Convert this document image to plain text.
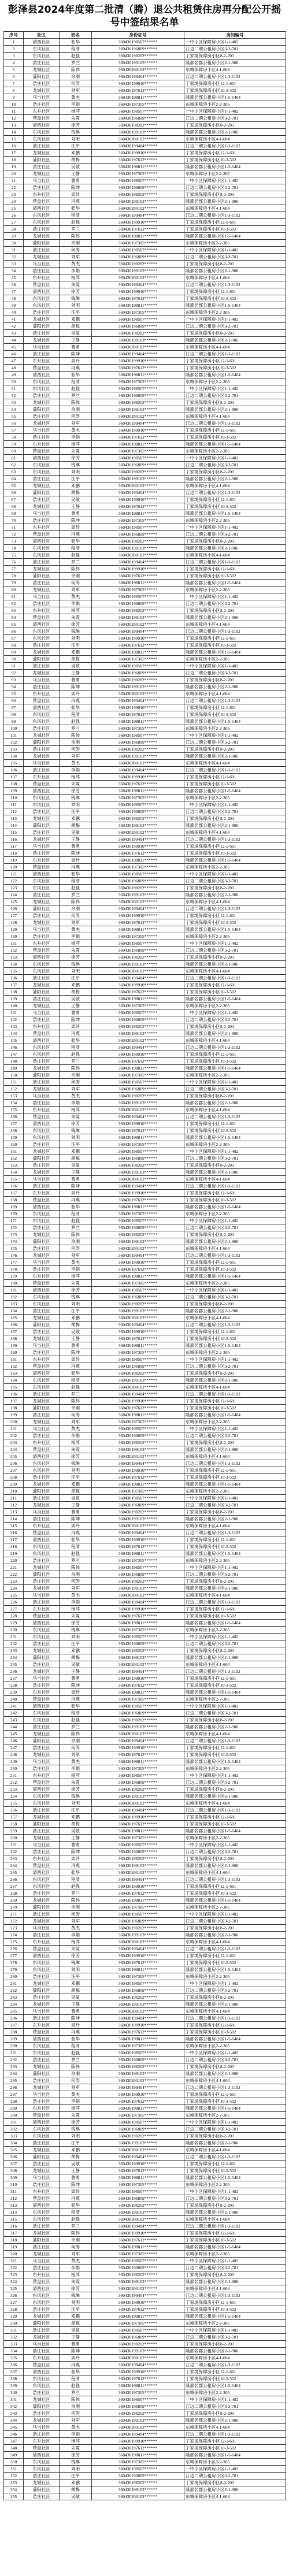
彭泽县2024年度第二批清（腾）退公共租赁住房再分配公开摇号中签结果名单
序号	社区	姓名	身份证号	房间编号
1	清西社区	张华	360430198507******	一中小区保障房小区1-1-402
2	东风社区	程清	360430196809******	江边二期公租房小区3-2-701
3	东风社区	赵强	360430198202******	丁家垅保障房小区8-2-203
4	浩庄社区	罗兰	360430199103******	隆都名郡公租房小区2-1-906
5	龙城社区	陈伟	360430200102******	东城保障房小区4-1-604
6	蒲阳社区	余刚	360430199404******	江边二期公租房小区1-3-1102
7	浩庄社区	何涛	360430199910******	丁家垅保障房小区12-1-601
8	龙城社区	刘军	360430197612******	丁家垅保障房小区10-3-502
9	马当社区	黄杰	360430198811******	隆都名郡公租房小区1-5-1404
10	浩庄社区	李娟	360430197305******	东城保障房小区2-2-305
11	东升社区	杨萍	360430198507******	一中小区保障房小区1-1-402
12	营盘社区	朱霞	360430196809******	江边二期公租房小区3-2-701
13	清西社区	徐芳	360430198202******	丁家垅保障房小区8-2-203
14	东风社区	钱琳	360430199103******	隆都名郡公租房小区2-1-906
15	东风社区	刘明	360430200102******	东城保障房小区4-1-604
16	浩庄社区	汪平	360430199404******	江边二期公租房小区1-3-1102
17	龙城社区	邓鹏	360430199910******	丁家垅保障房小区12-1-601
18	蒲阳社区	胡梅	360430197612******	丁家垅保障房小区10-3-502
19	浩庄社区	吴敏	360430198811******	隆都名郡公租房小区1-5-1404
20	龙城社区	王静	360430197305******	东城保障房小区2-2-305
21	马当社区	曹勇	360430198507******	一中小区保障房小区1-1-402
22	浩庄社区	陈坤	360430196809******	江边二期公租房小区3-2-701
23	东升社区	周玲	360430198202******	丁家垅保障房小区8-2-203
24	营盘社区	冯燕	360430199103******	隆都名郡公租房小区2-1-906
25	清西社区	张华	360430200102******	东城保障房小区4-1-604
26	东风社区	程清	360430199404******	江边二期公租房小区1-3-1102
27	东风社区	赵强	360430199910******	丁家垅保障房小区12-1-601
28	浩庄社区	罗兰	360430197612******	丁家垅保障房小区10-3-502
29	龙城社区	陈伟	360430198811******	隆都名郡公租房小区1-5-1404
30	蒲阳社区	余刚	360430197305******	东城保障房小区2-2-305
31	浩庄社区	何涛	360430198507******	一中小区保障房小区1-1-402
32	龙城社区	刘军	360430196809******	江边二期公租房小区3-2-701
33	马当社区	黄杰	360430198202******	丁家垅保障房小区8-2-203
34	浩庄社区	李娟	360430199103******	隆都名郡公租房小区2-1-906
35	东升社区	杨萍	360430200102******	东城保障房小区4-1-604
36	营盘社区	朱霞	360430199404******	江边二期公租房小区1-3-1102
37	清西社区	徐芳	360430199910******	丁家垅保障房小区12-1-601
38	东风社区	钱琳	360430197612******	丁家垅保障房小区10-3-502
39	东风社区	刘明	360430198811******	隆都名郡公租房小区1-5-1404
40	浩庄社区	汪平	360430197305******	东城保障房小区2-2-305
41	龙城社区	邓鹏	360430198507******	一中小区保障房小区1-1-402
42	蒲阳社区	胡梅	360430196809******	江边二期公租房小区3-2-701
43	浩庄社区	吴敏	360430198202******	丁家垅保障房小区8-2-203
44	龙城社区	王静	360430199103******	隆都名郡公租房小区2-1-906
45	马当社区	曹勇	360430200102******	东城保障房小区4-1-604
46	浩庄社区	陈坤	360430199404******	江边二期公租房小区1-3-1102
47	东升社区	周玲	360430199910******	丁家垅保障房小区12-1-601
48	营盘社区	冯燕	360430197612******	丁家垅保障房小区10-3-502
49	清西社区	张华	360430198811******	隆都名郡公租房小区1-5-1404
50	东风社区	程清	360430197305******	东城保障房小区2-2-305
51	东风社区	赵强	360430198507******	一中小区保障房小区1-1-402
52	浩庄社区	罗兰	360430196809******	江边二期公租房小区3-2-701
53	龙城社区	陈伟	360430198202******	丁家垅保障房小区8-2-203
54	蒲阳社区	余刚	360430199103******	隆都名郡公租房小区2-1-906
55	浩庄社区	何涛	360430200102******	东城保障房小区4-1-604
56	龙城社区	刘军	360430199404******	江边二期公租房小区1-3-1102
57	马当社区	黄杰	360430199910******	丁家垅保障房小区12-1-601
58	浩庄社区	李娟	360430197612******	丁家垅保障房小区10-3-502
59	东升社区	杨萍	360430198811******	隆都名郡公租房小区1-5-1404
60	营盘社区	朱霞	360430197305******	东城保障房小区2-2-305
61	清西社区	徐芳	360430198507******	一中小区保障房小区1-1-402
62	东风社区	钱琳	360430196809******	江边二期公租房小区3-2-701
63	东风社区	刘明	360430198202******	丁家垅保障房小区8-2-203
64	浩庄社区	汪平	360430199103******	隆都名郡公租房小区2-1-906
65	龙城社区	邓鹏	360430200102******	东城保障房小区4-1-604
66	蒲阳社区	胡梅	360430199404******	江边二期公租房小区1-3-1102
67	浩庄社区	吴敏	360430199910******	丁家垅保障房小区12-1-601
68	龙城社区	王静	360430197612******	丁家垅保障房小区10-3-502
69	马当社区	曹勇	360430198811******	隆都名郡公租房小区1-5-1404
70	浩庄社区	陈坤	360430197305******	东城保障房小区2-2-305
71	东升社区	周玲	360430198507******	一中小区保障房小区1-1-402
72	营盘社区	冯燕	360430196809******	江边二期公租房小区3-2-701
73	清西社区	张华	360430198202******	丁家垅保障房小区8-2-203
74	东风社区	程清	360430199103******	隆都名郡公租房小区2-1-906
75	东风社区	赵强	360430200102******	东城保障房小区4-1-604
76	浩庄社区	罗兰	360430199404******	江边二期公租房小区1-3-1102
77	龙城社区	陈伟	360430199910******	丁家垅保障房小区12-1-601
78	蒲阳社区	余刚	360430197612******	丁家垅保障房小区10-3-502
79	浩庄社区	何涛	360430198811******	隆都名郡公租房小区1-5-1404
80	龙城社区	刘军	360430197305******	东城保障房小区2-2-305
81	马当社区	黄杰	360430198507******	一中小区保障房小区1-1-402
82	浩庄社区	李娟	360430196809******	江边二期公租房小区3-2-701
83	东升社区	杨萍	360430198202******	丁家垅保障房小区8-2-203
84	营盘社区	朱霞	360430199103******	隆都名郡公租房小区2-1-906
85	清西社区	徐芳	360430200102******	东城保障房小区4-1-604
86	东风社区	钱琳	360430199404******	江边二期公租房小区1-3-1102
87	东风社区	刘明	360430199910******	丁家垅保障房小区12-1-601
88	浩庄社区	汪平	360430197612******	丁家垅保障房小区10-3-502
89	龙城社区	邓鹏	360430198811******	隆都名郡公租房小区1-5-1404
90	蒲阳社区	胡梅	360430197305******	东城保障房小区2-2-305
91	浩庄社区	吴敏	360430198507******	一中小区保障房小区1-1-402
92	龙城社区	王静	360430196809******	江边二期公租房小区3-2-701
93	马当社区	曹勇	360430198202******	丁家垅保障房小区8-2-203
94	浩庄社区	陈坤	360430199103******	隆都名郡公租房小区2-1-906
95	东升社区	周玲	360430200102******	东城保障房小区4-1-604
96	营盘社区	冯燕	360430199404******	江边二期公租房小区1-3-1102
97	清西社区	张华	360430199910******	丁家垅保障房小区12-1-601
98	东风社区	程清	360430197612******	丁家垅保障房小区10-3-502
99	东风社区	赵强	360430198811******	隆都名郡公租房小区1-5-1404
100	浩庄社区	罗兰	360430197305******	东城保障房小区2-2-305
101	龙城社区	陈伟	360430198507******	一中小区保障房小区1-1-402
102	蒲阳社区	余刚	360430196809******	江边二期公租房小区3-2-701
103	浩庄社区	何涛	360430198202******	丁家垅保障房小区8-2-203
104	龙城社区	刘军	360430199103******	隆都名郡公租房小区2-1-906
105	马当社区	黄杰	360430200102******	东城保障房小区4-1-604
106	浩庄社区	李娟	360430199404******	江边二期公租房小区1-3-1102
107	东升社区	杨萍	360430199910******	丁家垅保障房小区12-1-601
108	营盘社区	朱霞	360430197612******	丁家垅保障房小区10-3-502
109	清西社区	徐芳	360430198811******	隆都名郡公租房小区1-5-1404
110	东风社区	钱琳	360430197305******	东城保障房小区2-2-305
111	东风社区	刘明	360430198507******	一中小区保障房小区1-1-402
112	浩庄社区	汪平	360430196809******	江边二期公租房小区3-2-701
113	龙城社区	邓鹏	360430198202******	丁家垅保障房小区8-2-203
114	蒲阳社区	胡梅	360430199103******	隆都名郡公租房小区2-1-906
115	浩庄社区	吴敏	360430200102******	东城保障房小区4-1-604
116	龙城社区	王静	360430199404******	江边二期公租房小区1-3-1102
117	马当社区	曹勇	360430199910******	丁家垅保障房小区12-1-601
118	浩庄社区	陈坤	360430197612******	丁家垅保障房小区10-3-502
119	东升社区	周玲	360430198811******	隆都名郡公租房小区1-5-1404
120	营盘社区	冯燕	360430197305******	东城保障房小区2-2-305
121	清西社区	张华	360430198507******	一中小区保障房小区1-1-402
122	东风社区	程清	360430196809******	江边二期公租房小区3-2-701
123	东风社区	赵强	360430198202******	丁家垅保障房小区8-2-203
124	浩庄社区	罗兰	360430199103******	隆都名郡公租房小区2-1-906
125	龙城社区	陈伟	360430200102******	东城保障房小区4-1-604
126	蒲阳社区	余刚	360430199404******	江边二期公租房小区1-3-1102
127	浩庄社区	何涛	360430199910******	丁家垅保障房小区12-1-601
128	龙城社区	刘军	360430197612******	丁家垅保障房小区10-3-502
129	马当社区	黄杰	360430198811******	隆都名郡公租房小区1-5-1404
130	浩庄社区	李娟	360430197305******	东城保障房小区2-2-305
131	东升社区	杨萍	360430198507******	一中小区保障房小区1-1-402
132	营盘社区	朱霞	360430196809******	江边二期公租房小区3-2-701
133	清西社区	徐芳	360430198202******	丁家垅保障房小区8-2-203
134	东风社区	钱琳	360430199103******	隆都名郡公租房小区2-1-906
135	东风社区	刘明	360430200102******	东城保障房小区4-1-604
136	浩庄社区	汪平	360430199404******	江边二期公租房小区1-3-1102
137	龙城社区	邓鹏	360430199910******	丁家垅保障房小区12-1-601
138	蒲阳社区	胡梅	360430197612******	丁家垅保障房小区10-3-502
139	浩庄社区	吴敏	360430198811******	隆都名郡公租房小区1-5-1404
140	龙城社区	王静	360430197305******	东城保障房小区2-2-305
141	马当社区	曹勇	360430198507******	一中小区保障房小区1-1-402
142	浩庄社区	陈坤	360430196809******	江边二期公租房小区3-2-701
143	东升社区	周玲	360430198202******	丁家垅保障房小区8-2-203
144	营盘社区	冯燕	360430199103******	隆都名郡公租房小区2-1-906
145	清西社区	张华	360430200102******	东城保障房小区4-1-604
146	东风社区	程清	360430199404******	江边二期公租房小区1-3-1102
147	东风社区	赵强	360430199910******	丁家垅保障房小区12-1-601
148	浩庄社区	罗兰	360430197612******	丁家垅保障房小区10-3-502
149	龙城社区	陈伟	360430198811******	隆都名郡公租房小区1-5-1404
150	蒲阳社区	余刚	360430197305******	东城保障房小区2-2-305
151	浩庄社区	何涛	360430198507******	一中小区保障房小区1-1-402
152	龙城社区	刘军	360430196809******	江边二期公租房小区3-2-701
153	马当社区	黄杰	360430198202******	丁家垅保障房小区8-2-203
154	浩庄社区	李娟	360430199103******	隆都名郡公租房小区2-1-906
155	东升社区	杨萍	360430200102******	东城保障房小区4-1-604
156	营盘社区	朱霞	360430199404******	江边二期公租房小区1-3-1102
157	清西社区	徐芳	360430199910******	丁家垅保障房小区12-1-601
158	东风社区	钱琳	360430197612******	丁家垅保障房小区10-3-502
159	东风社区	刘明	360430198811******	隆都名郡公租房小区1-5-1404
160	浩庄社区	汪平	360430197305******	东城保障房小区2-2-305
161	龙城社区	邓鹏	360430198507******	一中小区保障房小区1-1-402
162	蒲阳社区	胡梅	360430196809******	江边二期公租房小区3-2-701
163	浩庄社区	吴敏	360430198202******	丁家垅保障房小区8-2-203
164	龙城社区	王静	360430199103******	隆都名郡公租房小区2-1-906
165	马当社区	曹勇	360430200102******	东城保障房小区4-1-604
166	浩庄社区	陈坤	360430199404******	江边二期公租房小区1-3-1102
167	东升社区	周玲	360430199910******	丁家垅保障房小区12-1-601
168	营盘社区	冯燕	360430197612******	丁家垅保障房小区10-3-502
169	清西社区	张华	360430198811******	隆都名郡公租房小区1-5-1404
170	东风社区	程清	360430197305******	东城保障房小区2-2-305
171	东风社区	赵强	360430198507******	一中小区保障房小区1-1-402
172	浩庄社区	罗兰	360430196809******	江边二期公租房小区3-2-701
173	龙城社区	陈伟	360430198202******	丁家垅保障房小区8-2-203
174	蒲阳社区	余刚	360430199103******	隆都名郡公租房小区2-1-906
175	浩庄社区	何涛	360430200102******	东城保障房小区4-1-604
176	龙城社区	刘军	360430199404******	江边二期公租房小区1-3-1102
177	马当社区	黄杰	360430199910******	丁家垅保障房小区12-1-601
178	浩庄社区	李娟	360430197612******	丁家垅保障房小区10-3-502
179	东升社区	杨萍	360430198811******	隆都名郡公租房小区1-5-1404
180	营盘社区	朱霞	360430197305******	东城保障房小区2-2-305
181	清西社区	徐芳	360430198507******	一中小区保障房小区1-1-402
182	东风社区	钱琳	360430196809******	江边二期公租房小区3-2-701
183	东风社区	刘明	360430198202******	丁家垅保障房小区8-2-203
184	浩庄社区	汪平	360430199103******	隆都名郡公租房小区2-1-906
185	龙城社区	邓鹏	360430200102******	东城保障房小区4-1-604
186	蒲阳社区	胡梅	360430199404******	江边二期公租房小区1-3-1102
187	浩庄社区	吴敏	360430199910******	丁家垅保障房小区12-1-601
188	龙城社区	王静	360430197612******	丁家垅保障房小区10-3-502
189	马当社区	曹勇	360430198811******	隆都名郡公租房小区1-5-1404
190	浩庄社区	陈坤	360430197305******	东城保障房小区2-2-305
191	东升社区	周玲	360430198507******	一中小区保障房小区1-1-402
192	营盘社区	冯燕	360430196809******	江边二期公租房小区3-2-701
193	清西社区	张华	360430198202******	丁家垅保障房小区8-2-203
194	东风社区	程清	360430199103******	隆都名郡公租房小区2-1-906
195	东风社区	赵强	360430200102******	东城保障房小区4-1-604
196	浩庄社区	罗兰	360430199404******	江边二期公租房小区1-3-1102
197	龙城社区	陈伟	360430199910******	丁家垅保障房小区12-1-601
198	蒲阳社区	余刚	360430197612******	丁家垅保障房小区10-3-502
199	浩庄社区	何涛	360430198811******	隆都名郡公租房小区1-5-1404
200	龙城社区	刘军	360430197305******	东城保障房小区2-2-305
201	马当社区	黄杰	360430198507******	一中小区保障房小区1-1-402
202	浩庄社区	李娟	360430196809******	江边二期公租房小区3-2-701
203	东升社区	杨萍	360430198202******	丁家垅保障房小区8-2-203
204	营盘社区	朱霞	360430199103******	隆都名郡公租房小区2-1-906
205	清西社区	徐芳	360430200102******	东城保障房小区4-1-604
206	东风社区	钱琳	360430199404******	江边二期公租房小区1-3-1102
207	东风社区	刘明	360430199910******	丁家垅保障房小区12-1-601
208	浩庄社区	汪平	360430197612******	丁家垅保障房小区10-3-502
209	龙城社区	邓鹏	360430198811******	隆都名郡公租房小区1-5-1404
210	蒲阳社区	胡梅	360430197305******	东城保障房小区2-2-305
211	浩庄社区	吴敏	360430198507******	一中小区保障房小区1-1-402
212	龙城社区	王静	360430196809******	江边二期公租房小区3-2-701
213	马当社区	曹勇	360430198202******	丁家垅保障房小区8-2-203
214	浩庄社区	陈坤	360430199103******	隆都名郡公租房小区2-1-906
215	东升社区	周玲	360430200102******	东城保障房小区4-1-604
216	营盘社区	冯燕	360430199404******	江边二期公租房小区1-3-1102
217	清西社区	张华	360430199910******	丁家垅保障房小区12-1-601
218	东风社区	程清	360430197612******	丁家垅保障房小区10-3-502
219	东风社区	赵强	360430198811******	隆都名郡公租房小区1-5-1404
220	浩庄社区	罗兰	360430197305******	东城保障房小区2-2-305
221	龙城社区	陈伟	360430198507******	一中小区保障房小区1-1-402
222	蒲阳社区	余刚	360430196809******	江边二期公租房小区3-2-701
223	浩庄社区	何涛	360430198202******	丁家垅保障房小区8-2-203
224	龙城社区	刘军	360430199103******	隆都名郡公租房小区2-1-906
225	马当社区	黄杰	360430200102******	东城保障房小区4-1-604
226	浩庄社区	李娟	360430199404******	江边二期公租房小区1-3-1102
227	东升社区	杨萍	360430199910******	丁家垅保障房小区12-1-601
228	营盘社区	朱霞	360430197612******	丁家垅保障房小区10-3-502
229	清西社区	徐芳	360430198811******	隆都名郡公租房小区1-5-1404
230	东风社区	钱琳	360430197305******	东城保障房小区2-2-305
231	东风社区	刘明	360430198507******	一中小区保障房小区1-1-402
232	浩庄社区	汪平	360430196809******	江边二期公租房小区3-2-701
233	龙城社区	邓鹏	360430198202******	丁家垅保障房小区8-2-203
234	蒲阳社区	胡梅	360430199103******	隆都名郡公租房小区2-1-906
235	浩庄社区	吴敏	360430200102******	东城保障房小区4-1-604
236	龙城社区	王静	360430199404******	江边二期公租房小区1-3-1102
237	马当社区	曹勇	360430199910******	丁家垅保障房小区12-1-601
238	浩庄社区	陈坤	360430197612******	丁家垅保障房小区10-3-502
239	东升社区	周玲	360430198811******	隆都名郡公租房小区1-5-1404
240	营盘社区	冯燕	360430197305******	东城保障房小区2-2-305
241	清西社区	张华	360430198507******	一中小区保障房小区1-1-402
242	东风社区	程清	360430196809******	江边二期公租房小区3-2-701
243	东风社区	赵强	360430198202******	丁家垅保障房小区8-2-203
244	浩庄社区	罗兰	360430199103******	隆都名郡公租房小区2-1-906
245	龙城社区	陈伟	360430200102******	东城保障房小区4-1-604
246	蒲阳社区	余刚	360430199404******	江边二期公租房小区1-3-1102
247	浩庄社区	何涛	360430199910******	丁家垅保障房小区12-1-601
248	龙城社区	刘军	360430197612******	丁家垅保障房小区10-3-502
249	马当社区	黄杰	360430198811******	隆都名郡公租房小区1-5-1404
250	浩庄社区	李娟	360430197305******	东城保障房小区2-2-305
251	东升社区	杨萍	360430198507******	一中小区保障房小区1-1-402
252	营盘社区	朱霞	360430196809******	江边二期公租房小区3-2-701
253	清西社区	徐芳	360430198202******	丁家垅保障房小区8-2-203
254	东风社区	钱琳	360430199103******	隆都名郡公租房小区2-1-906
255	东风社区	刘明	360430200102******	东城保障房小区4-1-604
256	浩庄社区	汪平	360430199404******	江边二期公租房小区1-3-1102
257	龙城社区	邓鹏	360430199910******	丁家垅保障房小区12-1-601
258	蒲阳社区	胡梅	360430197612******	丁家垅保障房小区10-3-502
259	浩庄社区	吴敏	360430198811******	隆都名郡公租房小区1-5-1404
260	龙城社区	王静	360430197305******	东城保障房小区2-2-305
261	马当社区	曹勇	360430198507******	一中小区保障房小区1-1-402
262	浩庄社区	陈坤	360430196809******	江边二期公租房小区3-2-701
263	东升社区	周玲	360430198202******	丁家垅保障房小区8-2-203
264	营盘社区	冯燕	360430199103******	隆都名郡公租房小区2-1-906
265	清西社区	张华	360430200102******	东城保障房小区4-1-604
266	东风社区	程清	360430199404******	江边二期公租房小区1-3-1102
267	东风社区	赵强	360430199910******	丁家垅保障房小区12-1-601
268	浩庄社区	罗兰	360430197612******	丁家垅保障房小区10-3-502
269	龙城社区	陈伟	360430198811******	隆都名郡公租房小区1-5-1404
270	蒲阳社区	余刚	360430197305******	东城保障房小区2-2-305
271	浩庄社区	何涛	360430198507******	一中小区保障房小区1-1-402
272	龙城社区	刘军	360430196809******	江边二期公租房小区3-2-701
273	马当社区	黄杰	360430198202******	丁家垅保障房小区8-2-203
274	浩庄社区	李娟	360430199103******	隆都名郡公租房小区2-1-906
275	东升社区	杨萍	360430200102******	东城保障房小区4-1-604
276	营盘社区	朱霞	360430199404******	江边二期公租房小区1-3-1102
277	清西社区	徐芳	360430199910******	丁家垅保障房小区12-1-601
278	东风社区	钱琳	360430197612******	丁家垅保障房小区10-3-502
279	东风社区	刘明	360430198811******	隆都名郡公租房小区1-5-1404
280	浩庄社区	汪平	360430197305******	东城保障房小区2-2-305
281	龙城社区	邓鹏	360430198507******	一中小区保障房小区1-1-402
282	蒲阳社区	胡梅	360430196809******	江边二期公租房小区3-2-701
283	浩庄社区	吴敏	360430198202******	丁家垅保障房小区8-2-203
284	龙城社区	王静	360430199103******	隆都名郡公租房小区2-1-906
285	马当社区	曹勇	360430200102******	东城保障房小区4-1-604
286	浩庄社区	陈坤	360430199404******	江边二期公租房小区1-3-1102
287	东升社区	周玲	360430199910******	丁家垅保障房小区12-1-601
288	营盘社区	冯燕	360430197612******	丁家垅保障房小区10-3-502
289	清西社区	张华	360430198811******	隆都名郡公租房小区1-5-1404
290	东风社区	程清	360430197305******	东城保障房小区2-2-305
291	东风社区	赵强	360430198507******	一中小区保障房小区1-1-402
292	浩庄社区	罗兰	360430196809******	江边二期公租房小区3-2-701
293	龙城社区	陈伟	360430198202******	丁家垅保障房小区8-2-203
294	蒲阳社区	余刚	360430199103******	隆都名郡公租房小区2-1-906
295	浩庄社区	何涛	360430200102******	东城保障房小区4-1-604
296	龙城社区	刘军	360430199404******	江边二期公租房小区1-3-1102
297	马当社区	黄杰	360430199910******	丁家垅保障房小区12-1-601
298	浩庄社区	李娟	360430197612******	丁家垅保障房小区10-3-502
299	东升社区	杨萍	360430198811******	隆都名郡公租房小区1-5-1404
300	营盘社区	朱霞	360430197305******	东城保障房小区2-2-305
301	清西社区	徐芳	360430198507******	一中小区保障房小区1-1-402
302	东风社区	钱琳	360430196809******	江边二期公租房小区3-2-701
303	东风社区	刘明	360430198202******	丁家垅保障房小区8-2-203
304	浩庄社区	汪平	360430199103******	隆都名郡公租房小区2-1-906
305	龙城社区	邓鹏	360430200102******	东城保障房小区4-1-604
306	蒲阳社区	胡梅	360430199404******	江边二期公租房小区1-3-1102
307	浩庄社区	吴敏	360430199910******	丁家垅保障房小区12-1-601
308	龙城社区	王静	360430197612******	丁家垅保障房小区10-3-502
309	马当社区	曹勇	360430198811******	隆都名郡公租房小区1-5-1404
310	浩庄社区	陈坤	360430197305******	东城保障房小区2-2-305
311	东升社区	周玲	360430198507******	一中小区保障房小区1-1-402
312	营盘社区	冯燕	360430196809******	江边二期公租房小区3-2-701
313	清西社区	张华	360430198202******	丁家垅保障房小区8-2-203
314	东风社区	程清	360430199103******	隆都名郡公租房小区2-1-906
315	东风社区	赵强	360430200102******	东城保障房小区4-1-604
316	浩庄社区	罗兰	360430199404******	江边二期公租房小区1-3-1102
317	龙城社区	陈伟	360430199910******	丁家垅保障房小区12-1-601
318	蒲阳社区	余刚	360430197612******	丁家垅保障房小区10-3-502
319	浩庄社区	何涛	360430198811******	隆都名郡公租房小区1-5-1404
320	龙城社区	刘军	360430197305******	东城保障房小区2-2-305
321	马当社区	黄杰	360430198507******	一中小区保障房小区1-1-402
322	浩庄社区	李娟	360430196809******	江边二期公租房小区3-2-701
323	东升社区	杨萍	360430198202******	丁家垅保障房小区8-2-203
324	营盘社区	朱霞	360430199103******	隆都名郡公租房小区2-1-906
325	清西社区	徐芳	360430200102******	东城保障房小区4-1-604
326	东风社区	钱琳	360430199404******	江边二期公租房小区1-3-1102
327	东风社区	刘明	360430199910******	丁家垅保障房小区12-1-601
328	浩庄社区	汪平	360430197612******	丁家垅保障房小区10-3-502
329	龙城社区	邓鹏	360430198811******	隆都名郡公租房小区1-5-1404
330	蒲阳社区	胡梅	360430197305******	东城保障房小区2-2-305
331	浩庄社区	吴敏	360430198507******	一中小区保障房小区1-1-402
332	龙城社区	王静	360430196809******	江边二期公租房小区3-2-701
333	马当社区	曹勇	360430198202******	丁家垅保障房小区8-2-203
334	浩庄社区	陈坤	360430199103******	隆都名郡公租房小区2-1-906
335	东升社区	周玲	360430200102******	东城保障房小区4-1-604
336	营盘社区	冯燕	360430199404******	江边二期公租房小区1-3-1102
337	清西社区	张华	360430199910******	丁家垅保障房小区12-1-601
338	东风社区	程清	360430197612******	丁家垅保障房小区10-3-502
339	东风社区	赵强	360430198811******	隆都名郡公租房小区1-5-1404
340	浩庄社区	罗兰	360430197305******	东城保障房小区2-2-305
341	龙城社区	陈伟	360430198507******	一中小区保障房小区1-1-402
342	蒲阳社区	余刚	360430196809******	江边二期公租房小区3-2-701
343	浩庄社区	何涛	360430198202******	丁家垅保障房小区8-2-203
344	龙城社区	刘军	360430199103******	隆都名郡公租房小区2-1-906
345	马当社区	黄杰	360430200102******	东城保障房小区4-1-604
346	浩庄社区	李娟	360430199404******	江边二期公租房小区1-3-1102
347	东升社区	杨萍	360430199910******	丁家垅保障房小区12-1-601
348	营盘社区	朱霞	360430197612******	丁家垅保障房小区10-3-502
349	清西社区	徐芳	360430198811******	隆都名郡公租房小区1-5-1404
350	东风社区	钱琳	360430197305******	东城保障房小区2-2-305
351	东风社区	刘明	360430198507******	一中小区保障房小区1-1-402
352	浩庄社区	汪平	360430196809******	江边二期公租房小区3-2-701
353	龙城社区	邓鹏	360430198202******	丁家垅保障房小区8-2-203
354	蒲阳社区	胡梅	360430199103******	隆都名郡公租房小区2-1-906
355	浩庄社区	吴敏	360430200102******	东城保障房小区4-1-604
